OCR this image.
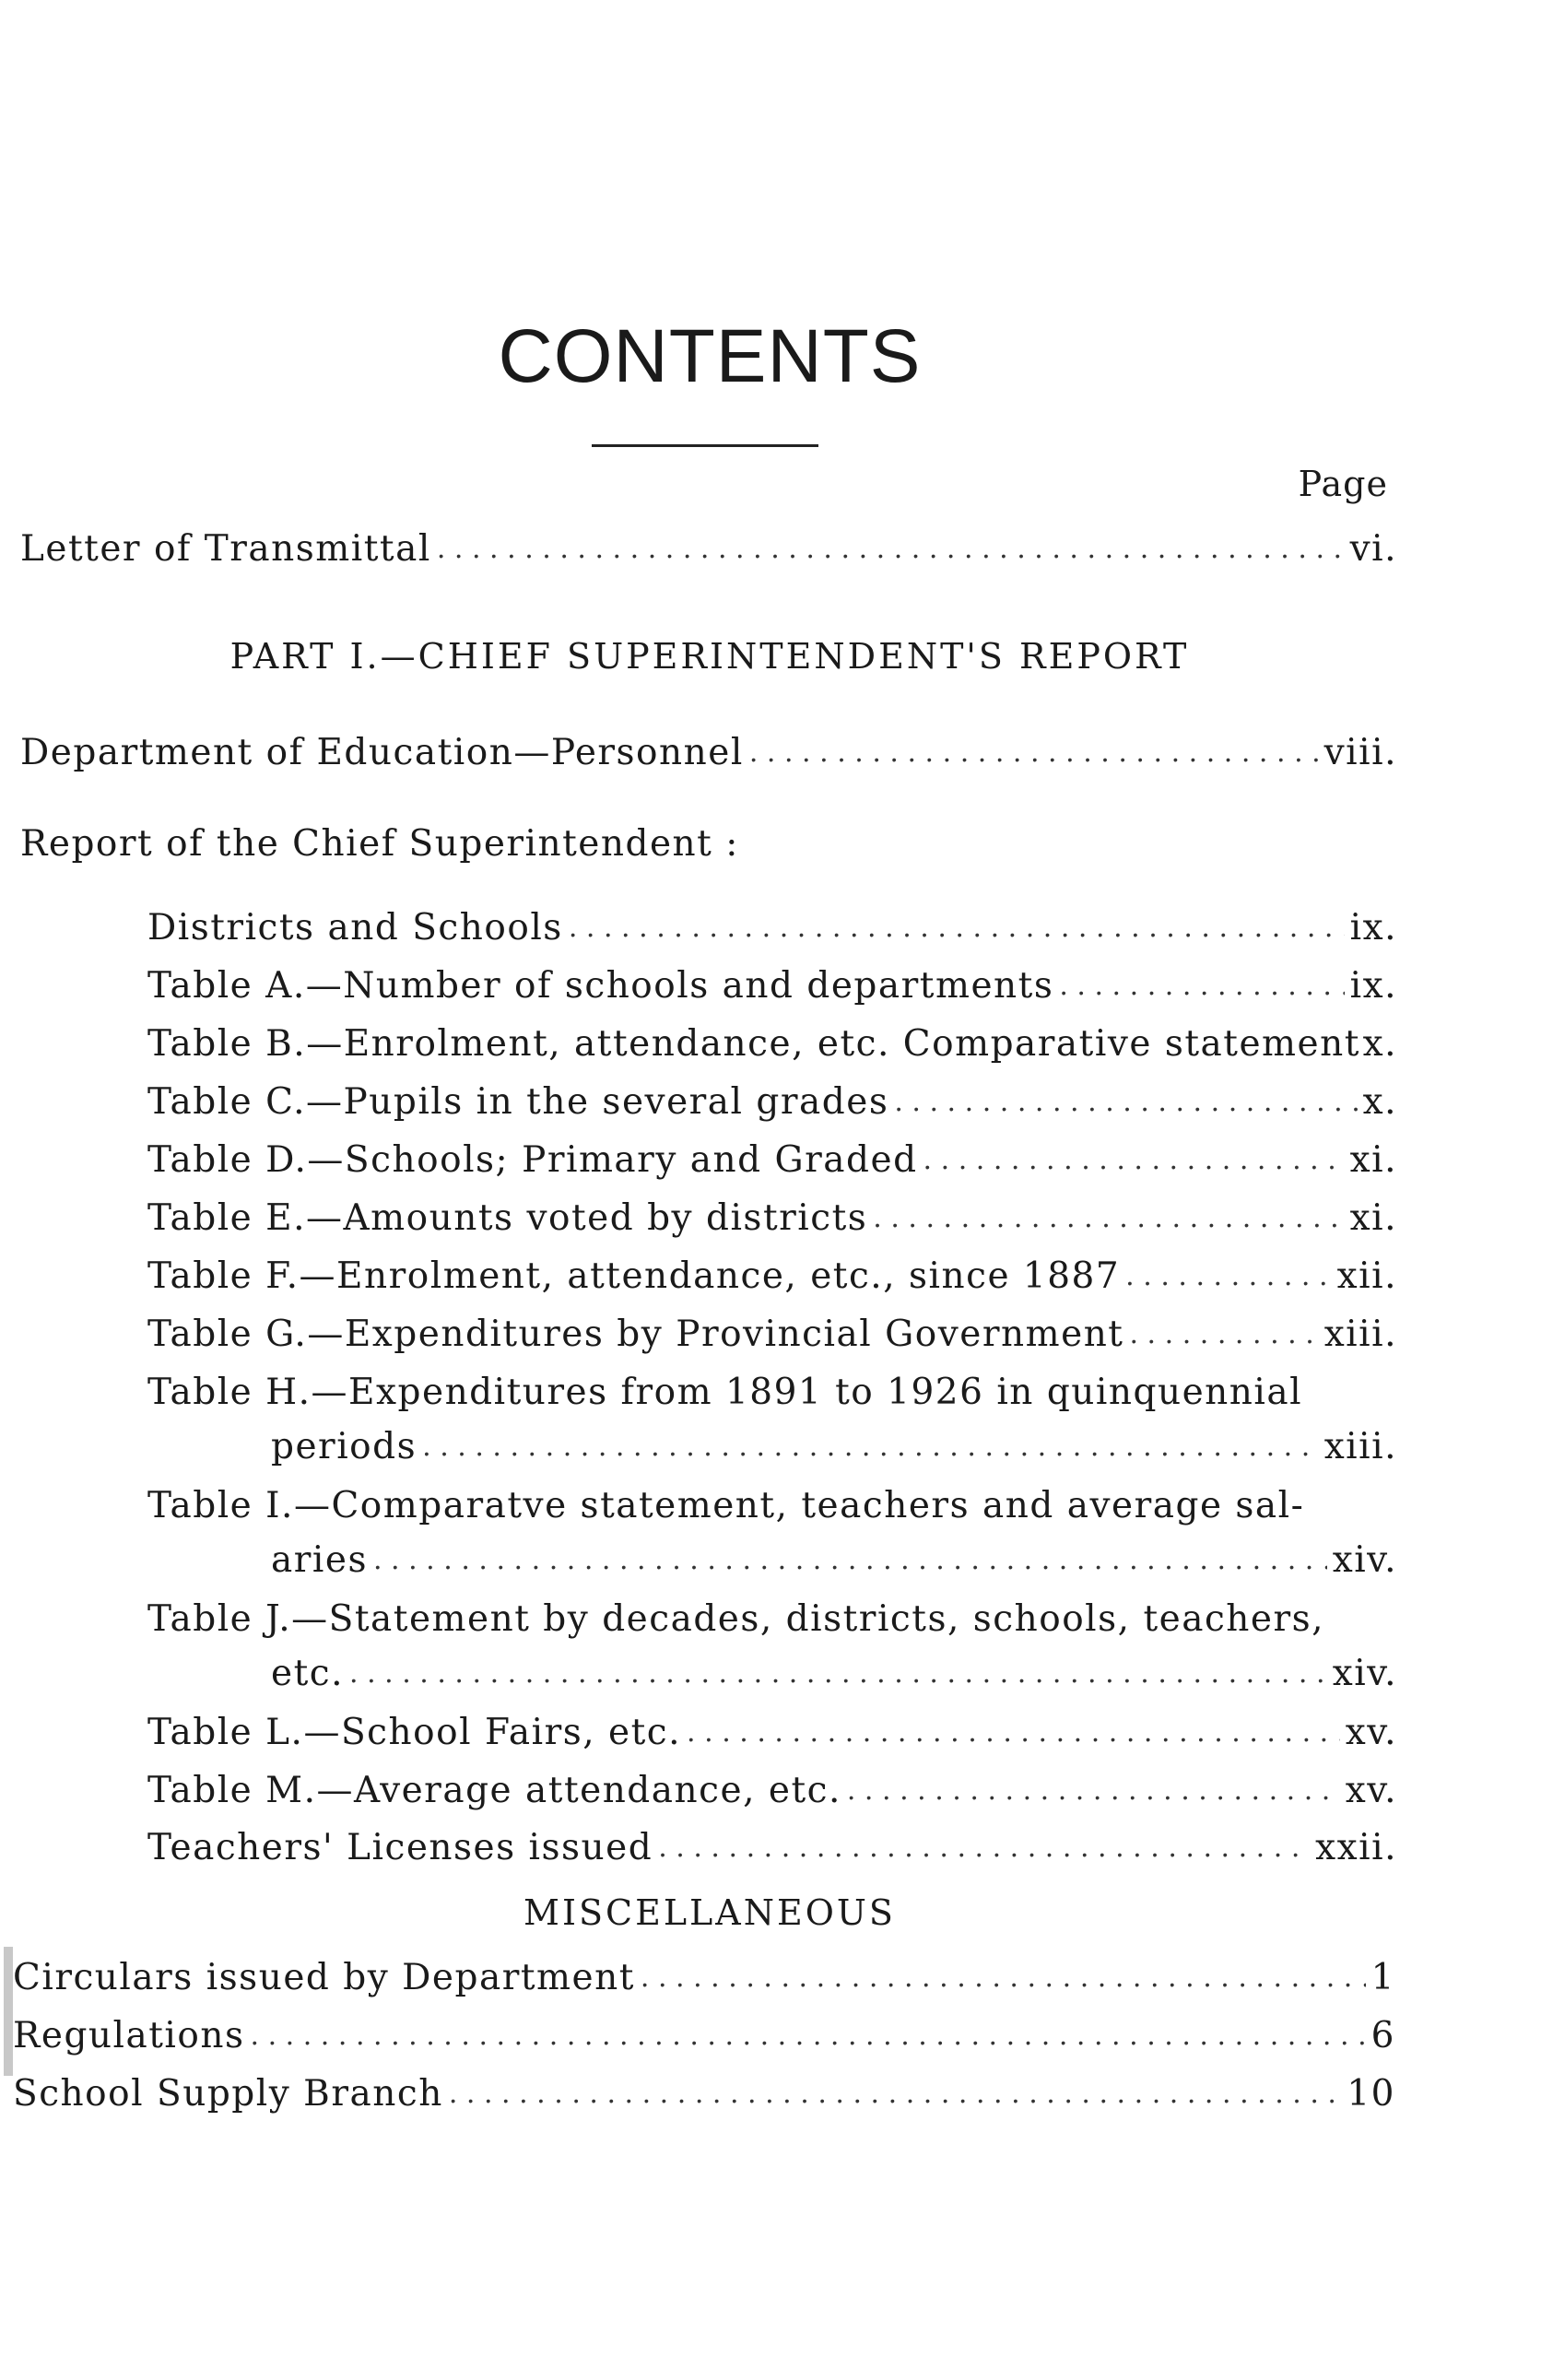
CONTENTS
Page
Letter of Transmittal . . .	vi.
PART I.—CHIEF SUPERINTENDENT'S REPORT
Department of Education—Personnel . . .	viii.
Report of the Chief Superintendent :
Districts and Schools . . .	ix.
Table A.—Number of schools and departments . . .	ix.
Table B.—Enrolment, attendance, etc. Comparative statement x.
Table C.—Pupils in the several grades . . .	x.
Table D.—Schools; Primary and Graded . . .	xi.
Table E.—Amounts voted by districts . . .	xi.
Table F.—Enrolment, attendance, etc., since 1887 . . .	xii.
Table G.—Expenditures by Provincial Government . . .	xiii.
Table H.—Expenditures from 1891 to 1926 in quinquennial
periods . . .	xiii.
Table I.—Comparatve statement, teachers and average sal-
aries . . .	xiv.
Table J.—Statement by decades, districts, schools, teachers,
etc. . . .	xiv.
Table L.—School Fairs, etc. . . .	xv.
Table M.—Average attendance, etc. . . .	xv.
Teachers' Licenses issued . . .	xxii.
MISCELLANEOUS
Circulars issued by Department . . .	1
Regulations . . .	6
School Supply Branch . . .	10
